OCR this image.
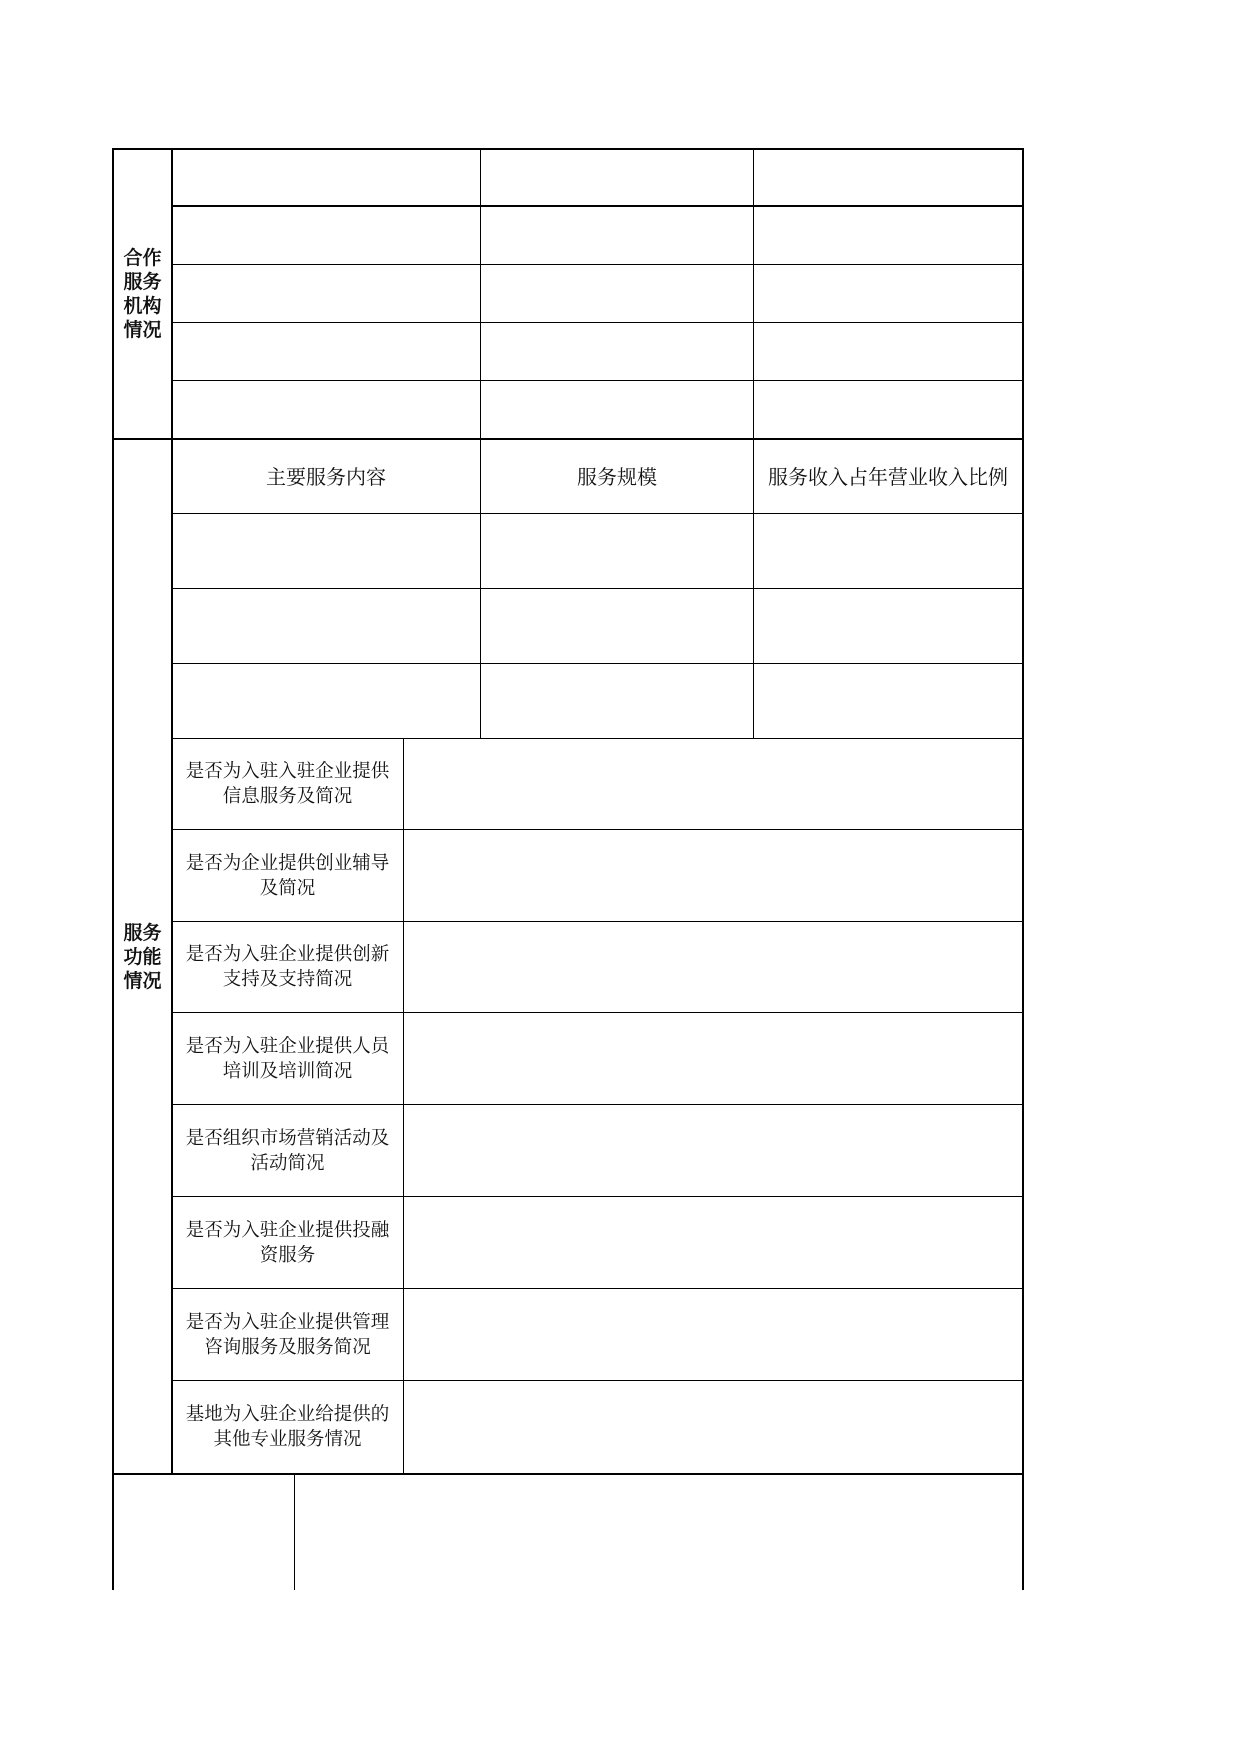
合作服务机构情况
服务功能情况
主要服务内容	服务规模	服务收入占年营业收入比例
是否为入驻入驻企业提供信息服务及简况
是否为企业提供创业辅导及简况
是否为入驻企业提供创新支持及支持简况
是否为入驻企业提供人员培训及培训简况
是否组织市场营销活动及活动简况
是否为入驻企业提供投融资服务
是否为入驻企业提供管理咨询服务及服务简况
基地为入驻企业给提供的其他专业服务情况
